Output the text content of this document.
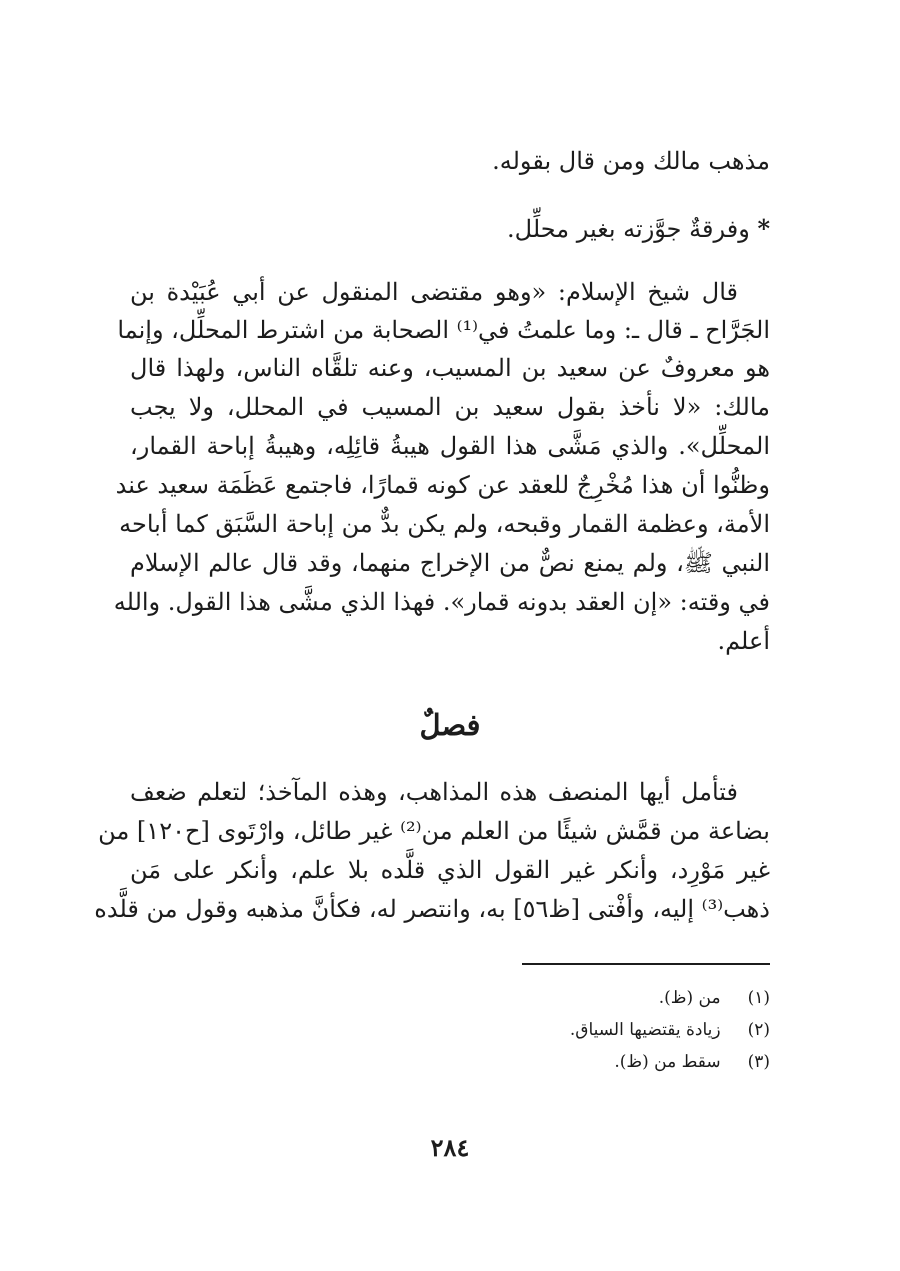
مذهب مالك ومن قال بقوله.
* وفرقةٌ جوَّزته بغير محلِّل.
قال شيخ الإسلام: «وهو مقتضى المنقول عن أبي عُبَيْدة بن
الجَرَّاح ـ قال ـ: وما علمتُ في⁽¹⁾ الصحابة من اشترط المحلِّل، وإنما
هو معروفٌ عن سعيد بن المسيب، وعنه تلقَّاه الناس، ولهذا قال
مالك: «لا نأخذ بقول سعيد بن المسيب في المحلل، ولا يجب
المحلِّل». والذي مَشَّى هذا القول هيبةُ قائِلِه، وهيبةُ إباحة القمار،
وظنُّوا أن هذا مُخْرِجٌ للعقد عن كونه قمارًا، فاجتمع عَظَمَة سعيد عند
الأمة، وعظمة القمار وقبحه، ولم يكن بدٌّ من إباحة السَّبَق كما أباحه
النبي ﷺ، ولم يمنع نصٌّ من الإخراج منهما، وقد قال عالم الإسلام
في وقته: «إن العقد بدونه قمار». فهذا الذي مشَّى هذا القول. والله
أعلم.
فصلٌ
فتأمل أيها المنصف هذه المذاهب، وهذه المآخذ؛ لتعلم ضعف
بضاعة من قمَّش شيئًا من العلم من⁽²⁾ غير طائل، وارْتَوى [ح١٢٠] من
غير مَوْرِد، وأنكر غير القول الذي قلَّده بلا علم، وأنكر على مَن
ذهب⁽³⁾ إليه، وأفْتى [ظ٥٦] به، وانتصر له، فكأنَّ مذهبه وقول من قلَّده
(١) من (ظ).
(٢) زيادة يقتضيها السياق.
(٣) سقط من (ظ).
٢٨٤
